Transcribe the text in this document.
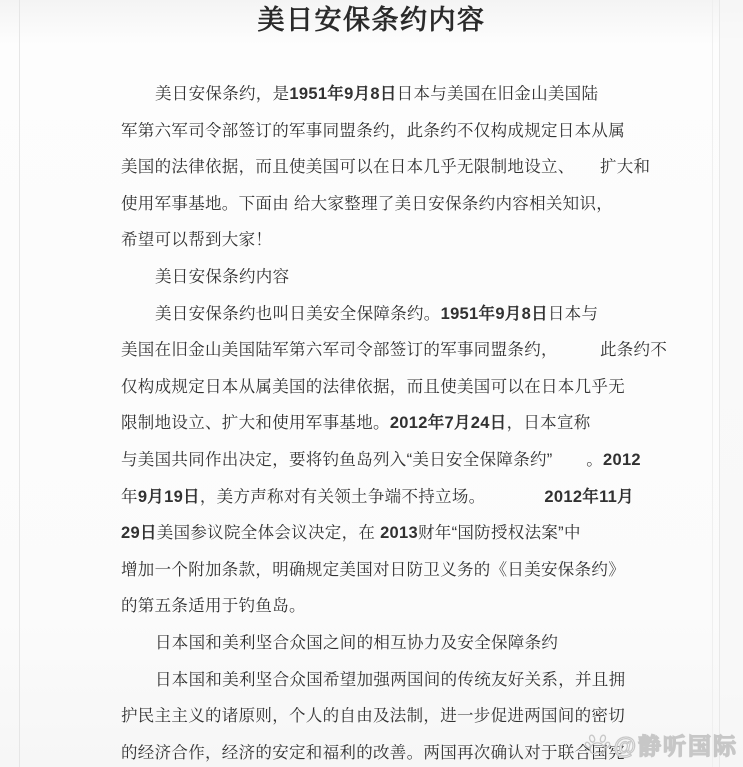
美日安保条约内容
美日安保条约，是1951年9月8日日本与美国在旧金山美国陆
军第六军司令部签订的军事同盟条约，此条约不仅构成规定日本从属
美国的法律依据，而且使美国可以在日本几乎无限制地设立、　　扩大和
使用军事基地。下面由 给大家整理了美日安保条约内容相关知识，
希望可以帮到大家！
美日安保条约内容
美日安保条约也叫日美安全保障条约。1951年9月8日日本与
美国在旧金山美国陆军第六军司令部签订的军事同盟条约，　　　此条约不
仅构成规定日本从属美国的法律依据，而且使美国可以在日本几乎无
限制地设立、扩大和使用军事基地。2012年7月24日，日本宣称
与美国共同作出决定，要将钓鱼岛列入“美日安全保障条约”　　。2012
年9月19日，美方声称对有关领土争端不持立场。　　　　2012年11月
29日美国参议院全体会议决定，在 2013财年“国防授权法案”中
增加一个附加条款，明确规定美国对日防卫义务的《日美安保条约》
的第五条适用于钓鱼岛。
日本国和美利坚合众国之间的相互协力及安全保障条约
日本国和美利坚合众国希望加强两国间的传统友好关系，并且拥
护民主主义的诸原则，个人的自由及法制，进一步促进两国间的密切
的经济合作，经济的安定和福利的改善。两国再次确认对于联合国宪
@静听国际
